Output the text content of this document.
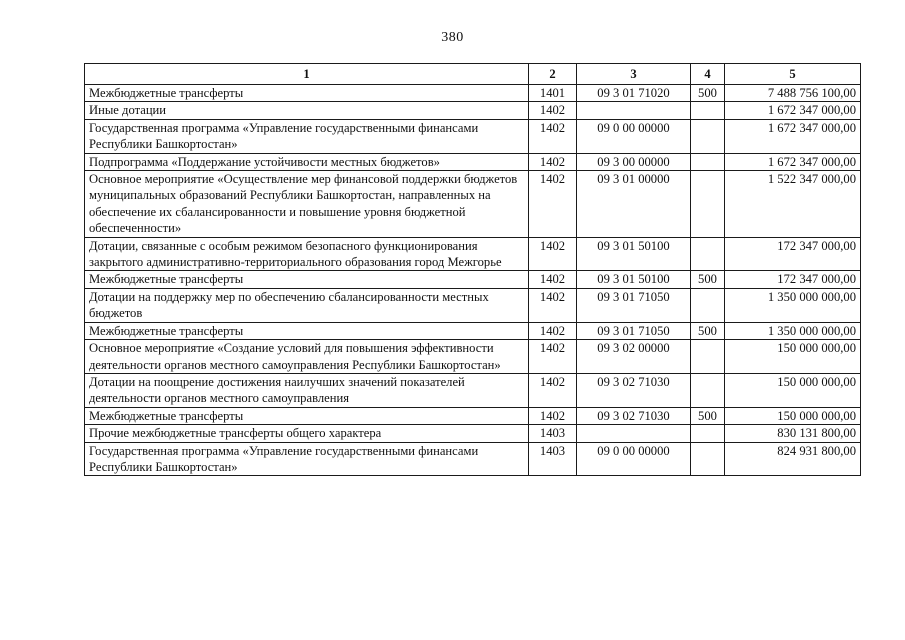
380
1	2	3	4	5
Межбюджетные трансферты	1401	09 3 01 71020	500	7 488 756 100,00
Иные дотации	1402			1 672 347 000,00
Государственная программа «Управление государственными финансами Республики Башкортостан»	1402	09 0 00 00000		1 672 347 000,00
Подпрограмма «Поддержание устойчивости местных бюджетов»	1402	09 3 00 00000		1 672 347 000,00
Основное мероприятие «Осуществление мер финансовой поддержки бюджетов муниципальных образований Республики Башкортостан, направленных на обеспечение их сбалансированности и повышение уровня бюджетной обеспеченности»	1402	09 3 01 00000		1 522 347 000,00
Дотации, связанные с особым режимом безопасного функционирования закрытого административно-территориального образования город Межгорье	1402	09 3 01 50100		172 347 000,00
Межбюджетные трансферты	1402	09 3 01 50100	500	172 347 000,00
Дотации на поддержку мер по обеспечению сбалансированности местных бюджетов	1402	09 3 01 71050		1 350 000 000,00
Межбюджетные трансферты	1402	09 3 01 71050	500	1 350 000 000,00
Основное мероприятие «Создание условий для повышения эффективности деятельности органов местного самоуправления Республики Башкортостан»	1402	09 3 02 00000		150 000 000,00
Дотации на поощрение достижения наилучших значений показателей деятельности органов местного самоуправления	1402	09 3 02 71030		150 000 000,00
Межбюджетные трансферты	1402	09 3 02 71030	500	150 000 000,00
Прочие межбюджетные трансферты общего характера	1403			830 131 800,00
Государственная программа «Управление государственными финансами Республики Башкортостан»	1403	09 0 00 00000		824 931 800,00
